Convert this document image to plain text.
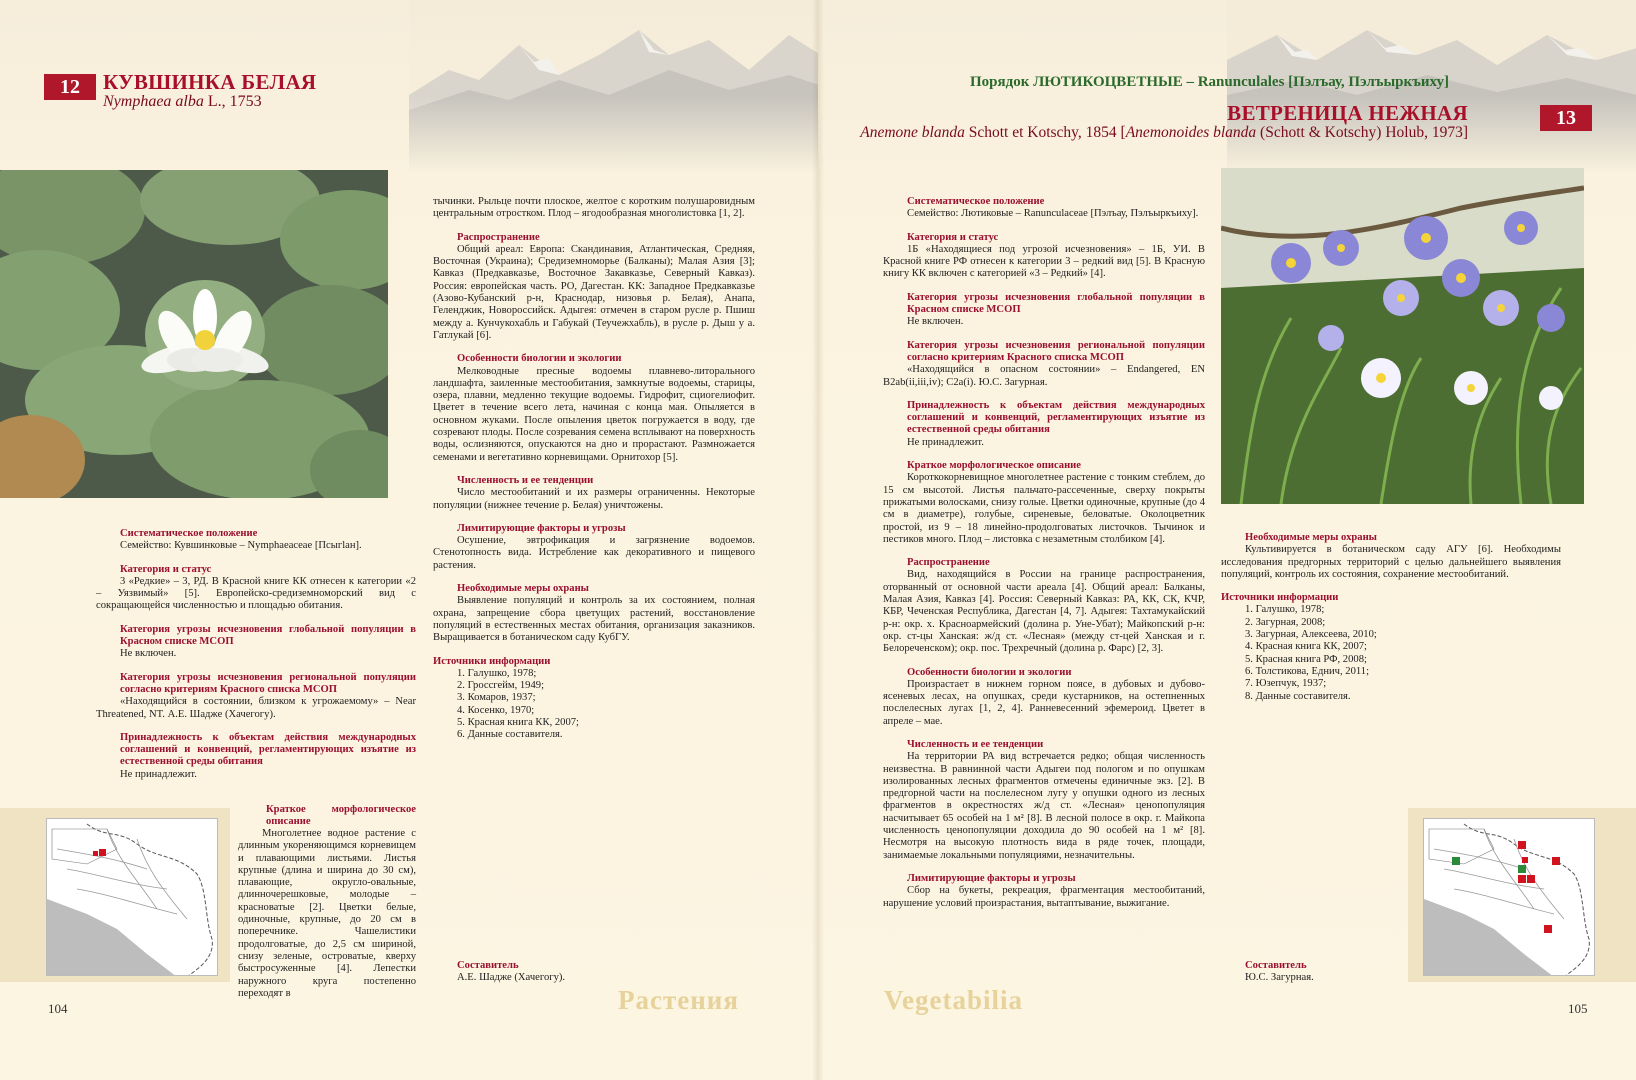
12	КУВШИНКА БЕЛАЯ
Nymphaea alba L., 1753
Систематическое положение
Семейство: Кувшинковые – Nymphaeaceae [Псыгlан].
Категория и статус
3 «Редкие» – 3, РД. В Красной книге КК отнесен к категории «2 – Уязвимый» [5]. Европейско-средиземноморский вид с сокращающейся численностью и площадью обитания.
Категория угрозы исчезновения глобальной популяции в Красном списке МСОП
Не включен.
Категория угрозы исчезновения региональной популяции согласно критериям Красного списка МСОП
«Находящийся в состоянии, близком к угрожаемому» – Near Threatened, NT. А.Е. Шадже (Хачегогу).
Принадлежность к объектам действия международных соглашений и конвенций, регламентирующих изъятие из естественной среды обитания
Не принадлежит.
Краткое морфологическое описание
Многолетнее водное растение с длинным укореняющимся корневищем и плавающими листьями. Листья крупные (длина и ширина до 30 см), плавающие, округло-овальные, длинночерешковые, молодые – красноватые [2]. Цветки белые, одиночные, крупные, до 20 см в поперечнике. Чашелистики продолговатые, до 2,5 см шириной, снизу зеленые, островатые, кверху быстросуженные [4]. Лепестки наружного круга постепенно переходят в
тычинки. Рыльце почти плоское, желтое с коротким полушаровидным центральным отростком. Плод – ягодообразная многолистовка [1, 2].
Распространение
Общий ареал: Европа: Скандинавия, Атлантическая, Средняя, Восточная (Украина); Средиземноморье (Балканы); Малая Азия [3]; Кавказ (Предкавказье, Восточное Закавказье, Северный Кавказ). Россия: европейская часть. РО, Дагестан. КК: Западное Предкавказье (Азово-Кубанский р-н, Краснодар, низовья р. Белая), Анапа, Геленджик, Новороссийск. Адыгея: отмечен в старом русле р. Пшиш между а. Кунчукохабль и Габукай (Теучежхабль), в русле р. Дыш у а. Гатлукай [6].
Особенности биологии и экологии
Мелководные пресные водоемы плавнево-литорального ландшафта, заиленные местообитания, замкнутые водоемы, старицы, озера, плавни, медленно текущие водоемы. Гидрофит, сциогелиофит. Цветет в течение всего лета, начиная с конца мая. Опыляется в основном жуками. После опыления цветок погружается в воду, где созревают плоды. После созревания семена всплывают на поверхность воды, ослизняются, опускаются на дно и прорастают. Размножается семенами и вегетативно корневищами. Орнитохор [5].
Численность и ее тенденции
Число местообитаний и их размеры ограниченны. Некоторые популяции (нижнее течение р. Белая) уничтожены.
Лимитирующие факторы и угрозы
Осушение, эвтрофикация и загрязнение водоемов. Стенотопность вида. Истребление как декоративного и пищевого растения.
Необходимые меры охраны
Выявление популяций и контроль за их состоянием, полная охрана, запрещение сбора цветущих растений, восстановление популяций в естественных местах обитания, организация заказников. Выращивается в ботаническом саду КубГУ.
Источники информации
1. Галушко, 1978;
2. Гроссгейм, 1949;
3. Комаров, 1937;
4. Косенко, 1970;
5. Красная книга КК, 2007;
6. Данные составителя.
Составитель
А.Е. Шадже (Хачегогу).
104	Растения
Порядок ЛЮТИКОЦВЕТНЫЕ – Ranunculales [Пэлъау, Пэлъыркъиху]
ВЕТРЕНИЦА НЕЖНАЯ	13
Anemone blanda Schott et Kotschy, 1854 [Anemonoides blanda (Schott & Kotschy) Holub, 1973]
Систематическое положение
Семейство: Лютиковые – Ranunculaceae [Пэлъау, Пэлъыркъиху].
Категория и статус
1Б «Находящиеся под угрозой исчезновения» – 1Б, УИ. В Красной книге РФ отнесен к категории 3 – редкий вид [5]. В Красную книгу КК включен с категорией «3 – Редкий» [4].
Категория угрозы исчезновения глобальной популяции в Красном списке МСОП
Не включен.
Категория угрозы исчезновения региональной популяции согласно критериям Красного списка МСОП
«Находящийся в опасном состоянии» – Endangered, EN B2ab(ii,iii,iv); C2a(i). Ю.С. Загурная.
Принадлежность к объектам действия международных соглашений и конвенций, регламентирующих изъятие из естественной среды обитания
Не принадлежит.
Краткое морфологическое описание
Короткокорневищное многолетнее растение с тонким стеблем, до 15 см высотой. Листья пальчато-рассеченные, сверху покрыты прижатыми волосками, снизу голые. Цветки одиночные, крупные (до 4 см в диаметре), голубые, сиреневые, беловатые. Околоцветник простой, из 9 – 18 линейно-продолговатых листочков. Тычинок и пестиков много. Плод – листовка с незаметным столбиком [4].
Распространение
Вид, находящийся в России на границе распространения, оторванный от основной части ареала [4]. Общий ареал: Балканы, Малая Азия, Кавказ [4]. Россия: Северный Кавказ: РА, КК, СК, КЧР, КБР, Чеченская Республика, Дагестан [4, 7]. Адыгея: Тахтамукайский р-н: окр. х. Красноармейский (долина р. Уне-Убат); Майкопский р-н: окр. ст-цы Ханская: ж/д ст. «Лесная» (между ст-цей Ханская и г. Белореченском); окр. пос. Трехречный (долина р. Фарс) [2, 3].
Особенности биологии и экологии
Произрастает в нижнем горном поясе, в дубовых и дубово-ясеневых лесах, на опушках, среди кустарников, на остепненных послелесных лугах [1, 2, 4]. Ранневесенний эфемероид. Цветет в апреле – мае.
Численность и ее тенденции
На территории РА вид встречается редко; общая численность неизвестна. В равнинной части Адыгеи под пологом и по опушкам изолированных лесных фрагментов отмечены единичные экз. [2]. В предгорной части на послелесном лугу у опушки одного из лесных фрагментов в окрестностях ж/д ст. «Лесная» ценопопуляция насчитывает 65 особей на 1 м² [8]. В лесной полосе в окр. г. Майкопа численность ценопопуляции доходила до 90 особей на 1 м² [8]. Несмотря на высокую плотность вида в ряде точек, площади, занимаемые локальными популяциями, незначительны.
Лимитирующие факторы и угрозы
Сбор на букеты, рекреация, фрагментация местообитаний, нарушение условий произрастания, вытаптывание, выжигание.
Необходимые меры охраны
Культивируется в ботаническом саду АГУ [6]. Необходимы исследования предгорных территорий с целью дальнейшего выявления популяций, контроль их состояния, сохранение местообитаний.
Источники информации
1. Галушко, 1978;
2. Загурная, 2008;
3. Загурная, Алексеева, 2010;
4. Красная книга КК, 2007;
5. Красная книга РФ, 2008;
6. Толстикова, Еднич, 2011;
7. Юзепчук, 1937;
8. Данные составителя.
Составитель
Ю.С. Загурная.
105
Vegetabilia
